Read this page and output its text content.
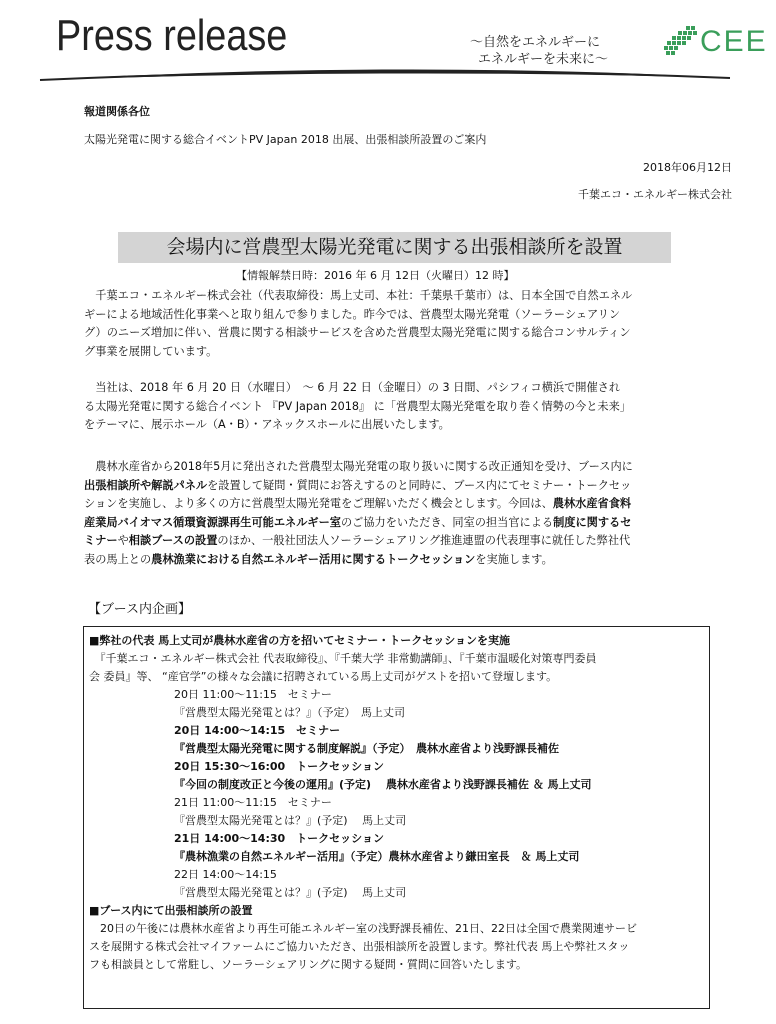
Press release	〜自然をエネルギーに
エネルギーを未来に〜
CEE
報道関係各位
太陽光発電に関する総合イベントPV Japan 2018 出展、出張相談所設置のご案内
2018年06月12日
千葉エコ・エネルギー株式会社
会場内に営農型太陽光発電に関する出張相談所を設置
【情報解禁日時：2016 年 6 月 12日（火曜日）12 時】
　千葉エコ・エネルギー株式会社（代表取締役：馬上丈司、本社：千葉県千葉市）は、日本全国で自然エネル
ギーによる地域活性化事業へと取り組んで参りました。昨今では、営農型太陽光発電（ソーラーシェアリン
グ）のニーズ増加に伴い、営農に関する相談サービスを含めた営農型太陽光発電に関する総合コンサルティン
グ事業を展開しています。
　当社は、2018 年 6 月 20 日（水曜日）　～ 6 月 22 日（金曜日）の 3 日間、パシフィコ横浜で開催され
る太陽光発電に関する総合イベント 『PV Japan 2018』 に「営農型太陽光発電を取り巻く情勢の今と未来」
をテーマに、展示ホール（A・B）・アネックスホールに出展いたします。
　農林水産省から2018年5月に発出された営農型太陽光発電の取り扱いに関する改正通知を受け、ブース内に
出張相談所や解説パネルを設置して疑問・質問にお答えするのと同時に、ブース内にてセミナー・トークセッ
ションを実施し、より多くの方に営農型太陽光発電をご理解いただく機会とします。今回は、農林水産省食料
産業局バイオマス循環資源課再生可能エネルギー室のご協力をいただき、同室の担当官による制度に関するセ
ミナーや相談ブースの設置のほか、一般社団法人ソーラーシェアリング推進連盟の代表理事に就任した弊社代
表の馬上との農林漁業における自然エネルギー活用に関するトークセッションを実施します。
【ブース内企画】
■弊社の代表 馬上丈司が農林水産省の方を招いてセミナー・トークセッションを実施
　『千葉エコ・エネルギー株式会社 代表取締役』、『千葉大学 非常勤講師』、『千葉市温暖化対策専門委員
会 委員』等、 “産官学”の様々な会議に招聘されている馬上丈司がゲストを招いて登壇します。
20日 11:00～11:15　セミナー
『営農型太陽光発電とは？』（予定）　馬上丈司
20日 14:00～14:15　セミナー
『営農型太陽光発電に関する制度解説』（予定）　農林水産省より浅野課長補佐
20日 15:30～16:00　トークセッション
『今回の制度改正と今後の運用』(予定)　 農林水産省より浅野課長補佐 ＆ 馬上丈司
21日 11:00～11:15　セミナー
『営農型太陽光発電とは？』(予定)　 馬上丈司
21日 14:00～14:30　トークセッション
『農林漁業の自然エネルギー活用』（予定）農林水産省より鎌田室長　＆ 馬上丈司
22日 14:00～14:15
『営農型太陽光発電とは？』(予定)　 馬上丈司
■ブース内にて出張相談所の設置
　20日の午後には農林水産省より再生可能エネルギー室の浅野課長補佐、21日、22日は全国で農業関連サービ
スを展開する株式会社マイファームにご協力いただき、出張相談所を設置します。弊社代表 馬上や弊社スタッ
フも相談員として常駐し、ソーラーシェアリングに関する疑問・質問に回答いたします。
